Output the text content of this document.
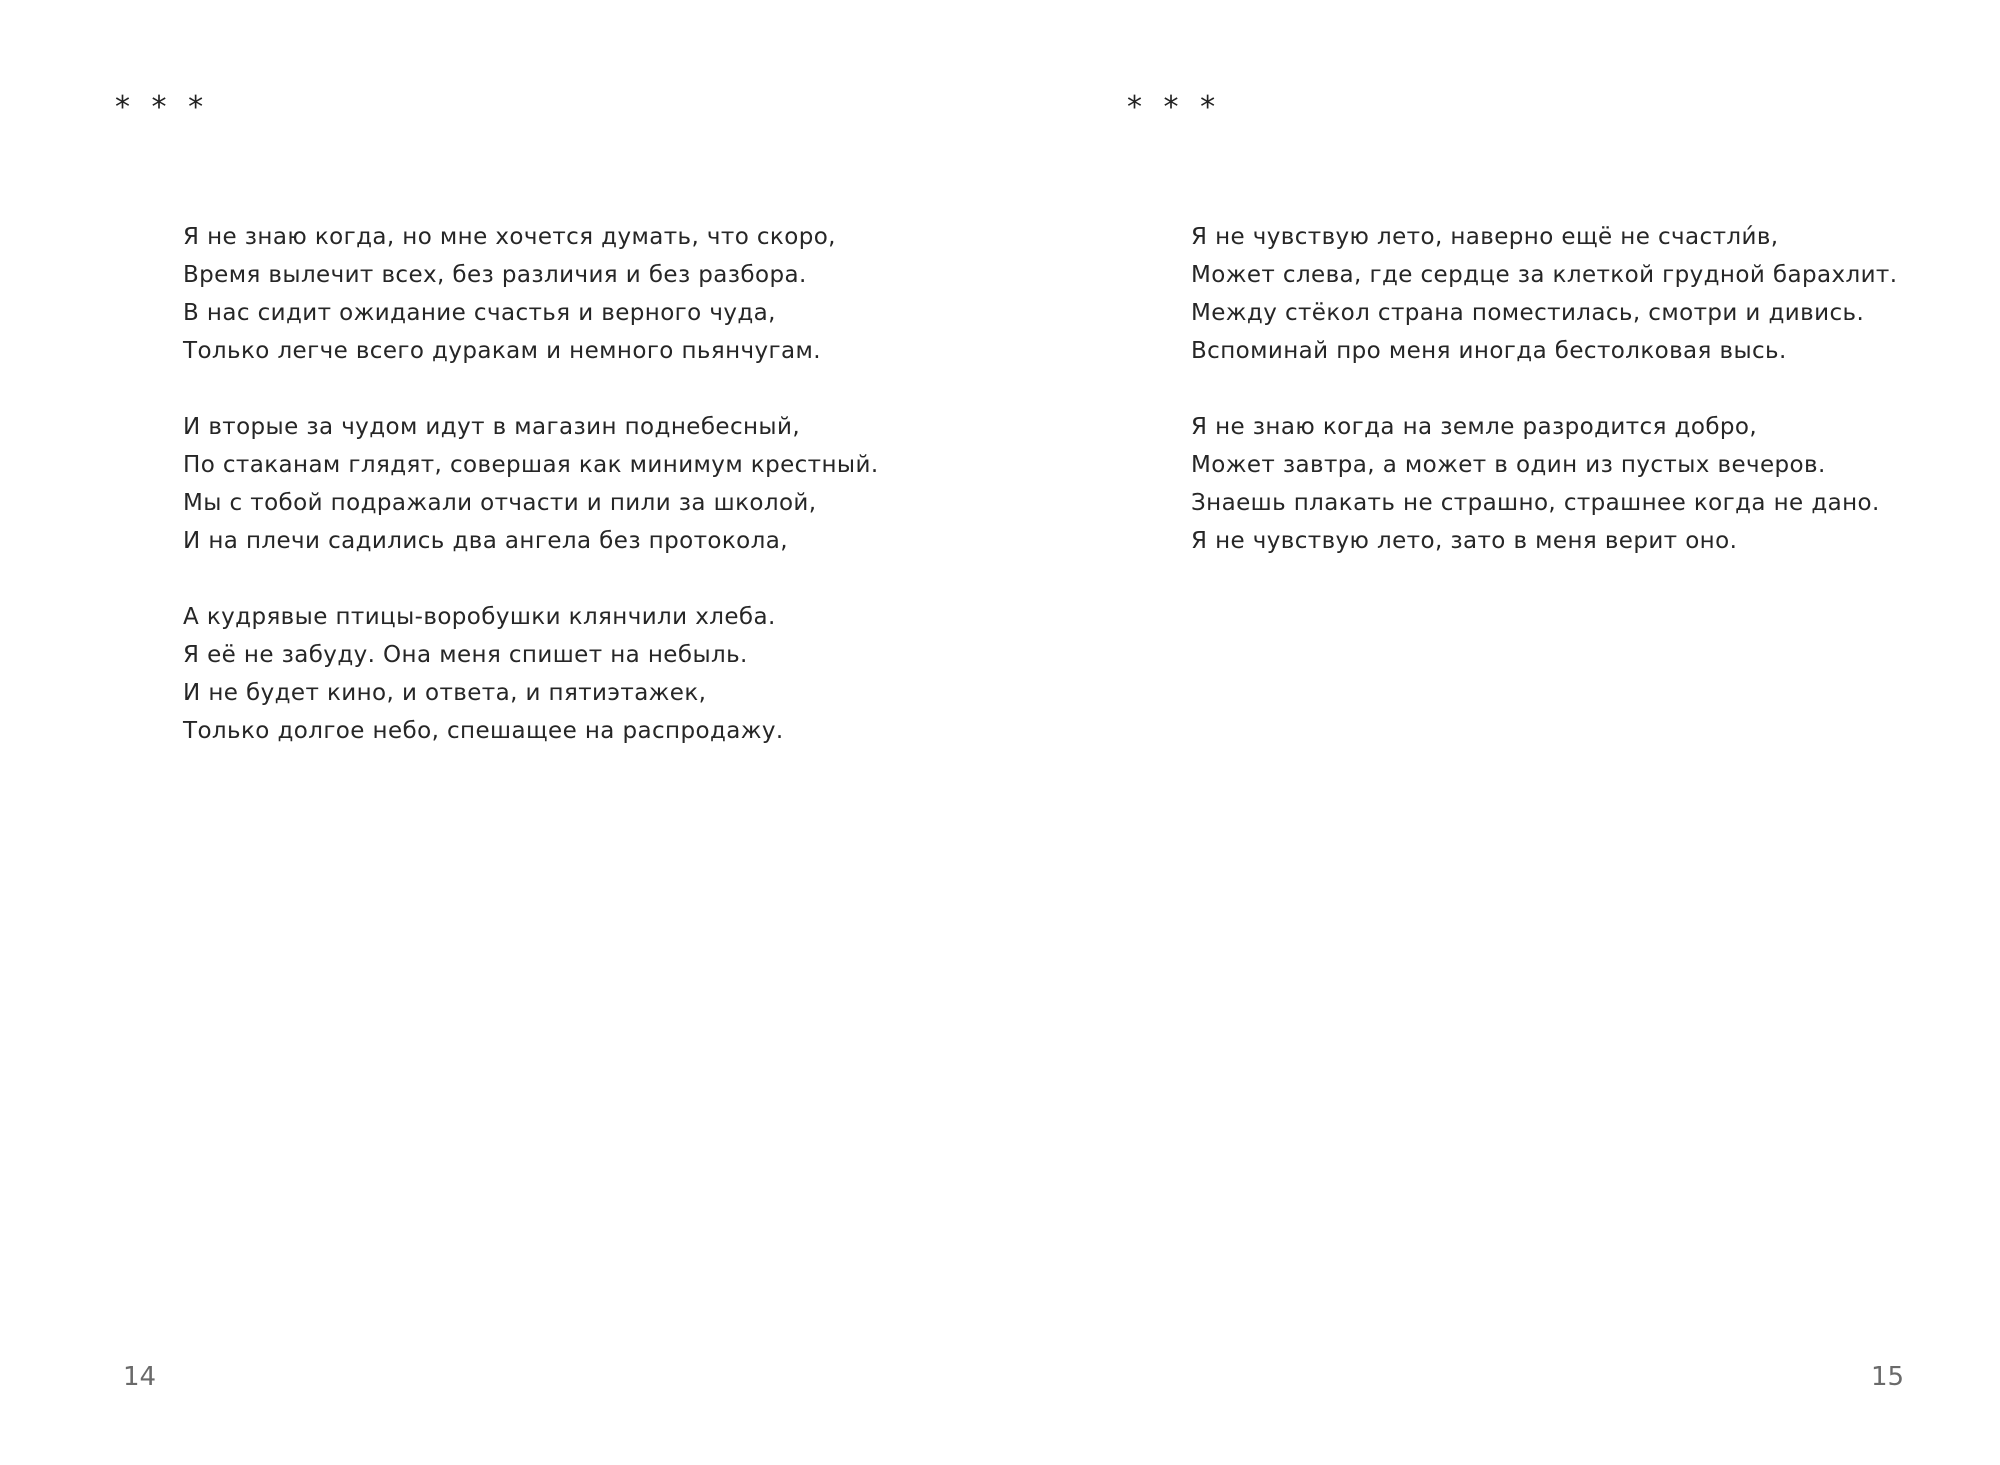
* * *
Я не знаю когда, но мне хочется думать, что скоро,
Время вылечит всех, без различия и без разбора.
В нас сидит ожидание счастья и верного чуда,
Только легче всего дуракам и немного пьянчугам.
И вторые за чудом идут в магазин поднебесный,
По стаканам глядят, совершая как минимум крестный.
Мы с тобой подражали отчасти и пили за школой,
И на плечи садились два ангела без протокола,
А кудрявые птицы-воробушки клянчили хлеба.
Я её не забуду. Она меня спишет на небыль.
И не будет кино, и ответа, и пятиэтажек,
Только долгое небо, спешащее на распродажу.
14
* * *
Я не чувствую лето, наверно ещё не счастли́в,
Может слева, где сердце за клеткой грудной барахлит.
Между стёкол страна поместилась, смотри и дивись.
Вспоминай про меня иногда бестолковая высь.
Я не знаю когда на земле разродится добро,
Может завтра, а может в один из пустых вечеров.
Знаешь плакать не страшно, страшнее когда не дано.
Я не чувствую лето, зато в меня верит оно.
15
